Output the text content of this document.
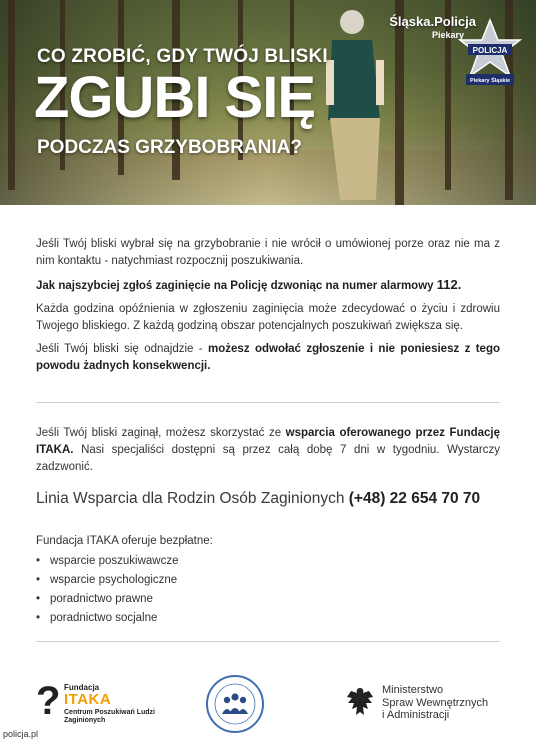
CO ZROBIĆ, GDY TWÓJ BLISKI
ZGUBI SIĘ
PODCZAS GRZYBOBRANIA?
Śląska.Policja
Piekary
POLICJA
Piekary Śląskie

Jeśli Twój bliski wybrał się na grzybobranie i nie wrócił o umówionej porze oraz nie ma z nim kontaktu - natychmiast rozpocznij poszukiwania.

Jak najszybciej zgłoś zaginięcie na Policję dzwoniąc na numer alarmowy 112.

Każda godzina opóźnienia w zgłoszeniu zaginięcia może zdecydować o życiu i zdrowiu Twojego bliskiego. Z każdą godziną obszar potencjalnych poszukiwań zwiększa się.

Jeśli Twój bliski się odnajdzie - możesz odwołać zgłoszenie i nie poniesiesz z tego powodu żadnych konsekwencji.

Jeśli Twój bliski zaginął, możesz skorzystać ze wsparcia oferowanego przez Fundację ITAKA. Nasi specjaliści dostępni są przez całą dobę 7 dni w tygodniu. Wystarczy zadzwonić.

Linia Wsparcia dla Rodzin Osób Zaginionych (+48) 22 654 70 70
Fundacja ITAKA oferuje bezpłatne:
• wsparcie poszukiwawcze
• wsparcie psychologiczne
• poradnictwo prawne
• poradnictwo socjalne
? Fundacja
ITAKA
Centrum Poszukiwań Ludzi Zaginionych
Ministerstwo
Spraw Wewnętrznych
i Administracji
policja.pl
